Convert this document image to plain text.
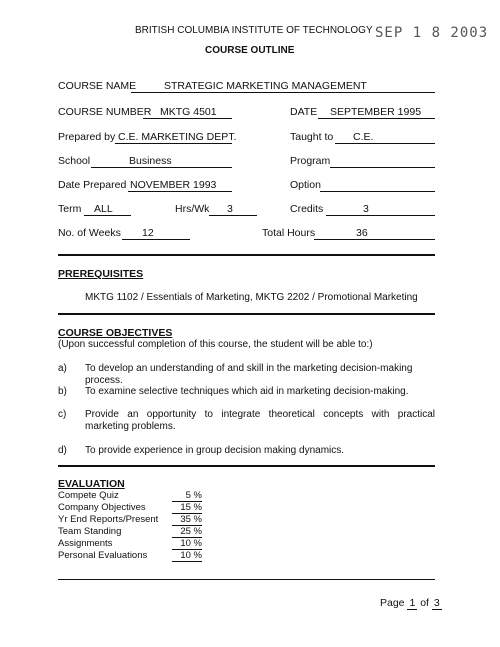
BRITISH COLUMBIA INSTITUTE OF TECHNOLOGY SEP 1 8 2003
COURSE OUTLINE
COURSE NAME	STRATEGIC MARKETING MANAGEMENT
COURSE NUMBER MKTG 4501	DATE	SEPTEMBER 1995
Prepared by C.E. MARKETING DEPT.	Taught to	C.E.
School	Business	Program
Date Prepared NOVEMBER 1993	Option
Term	ALL	Hrs/Wk	3	Credits	3
No. of Weeks	12	Total Hours	36
PREREQUISITES
MKTG 1102 / Essentials of Marketing, MKTG 2202 / Promotional Marketing
COURSE OBJECTIVES
(Upon successful completion of this course, the student will be able to:)
a) To develop an understanding of and skill in the marketing decision-making process.
b) To examine selective techniques which aid in marketing decision-making.
c) Provide an opportunity to integrate theoretical concepts with practical marketing problems.
d) To provide experience in group decision making dynamics.
EVALUATION
Compete Quiz	5 %
Company Objectives	15 %
Yr End Reports/Present	35 %
Team Standing	25 %
Assignments	10 %
Personal Evaluations	10 %
Page 1 of 3
